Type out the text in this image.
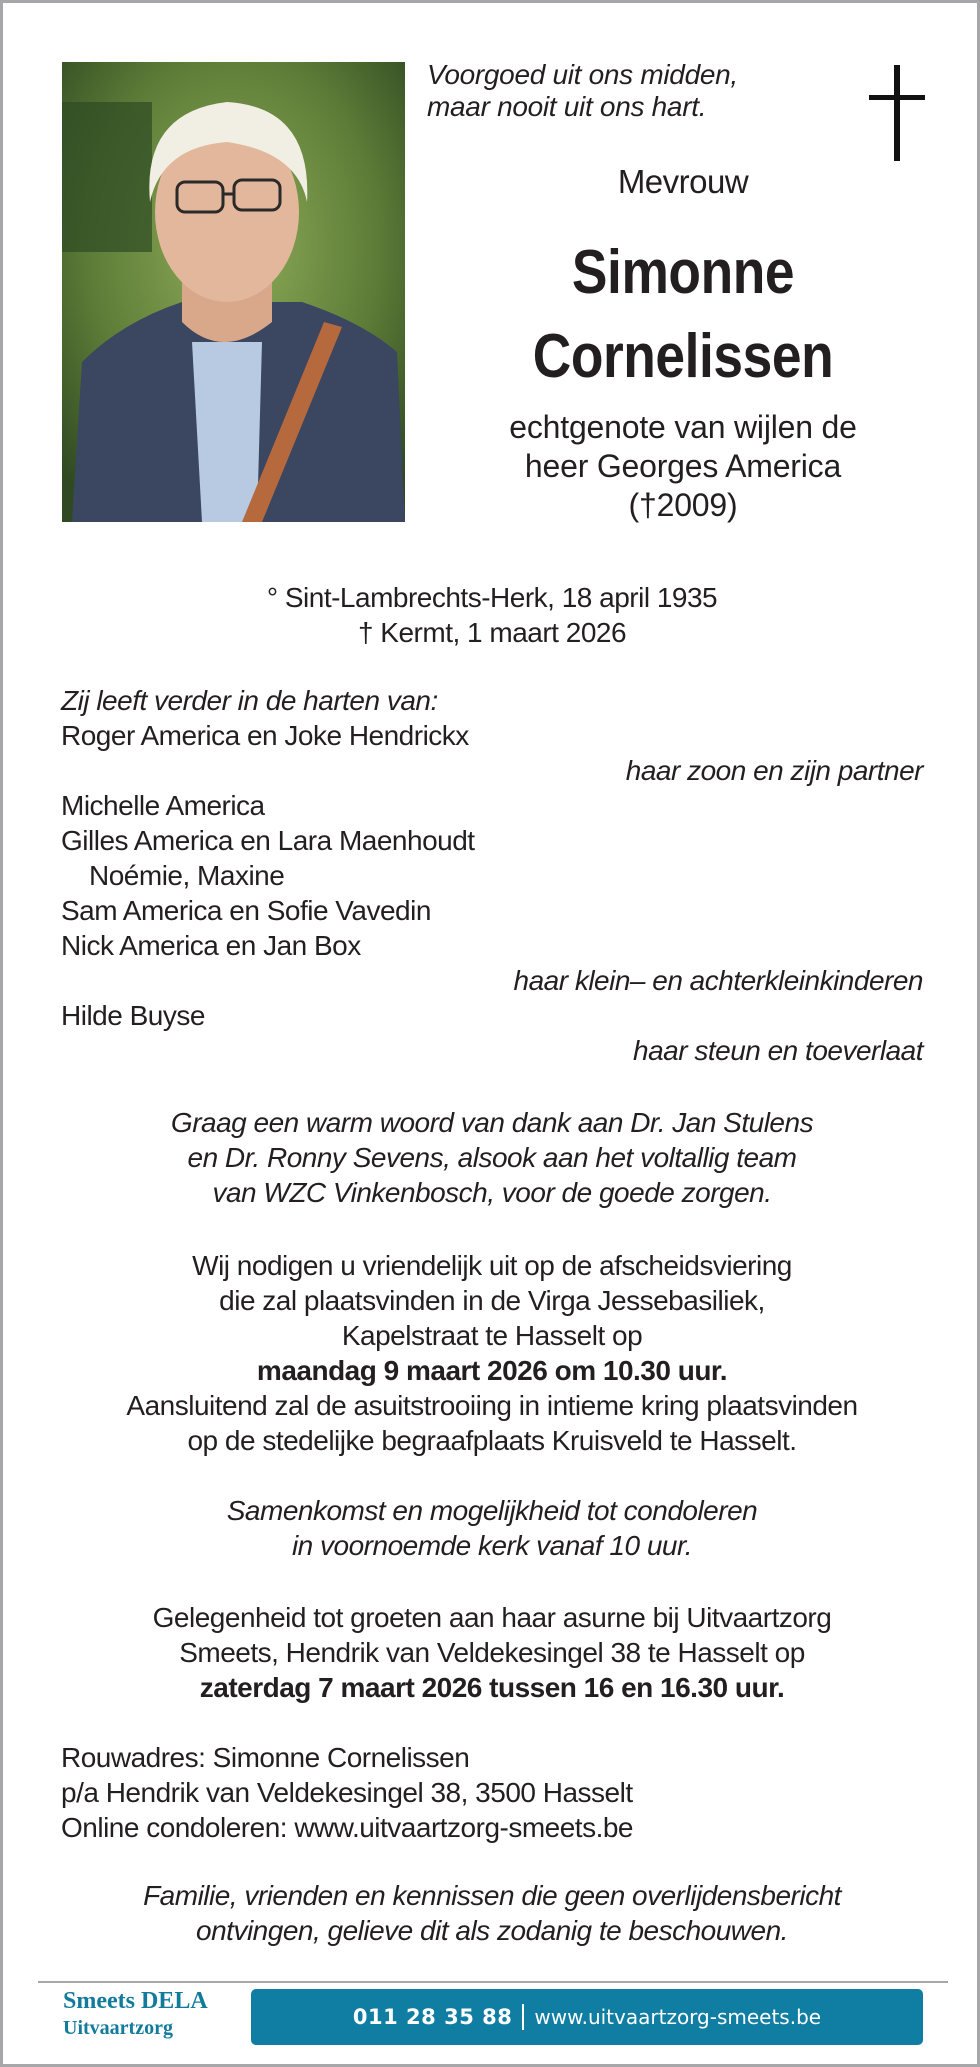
Voorgoed uit ons midden,
maar nooit uit ons hart.
Mevrouw
Simonne
Cornelissen
echtgenote van wijlen de
heer Georges America
(†2009)
° Sint-Lambrechts-Herk, 18 april 1935
† Kermt, 1 maart 2026
Zij leeft verder in de harten van:
Roger America en Joke Hendrickx
haar zoon en zijn partner
Michelle America
Gilles America en Lara Maenhoudt
Noémie, Maxine
Sam America en Sofie Vavedin
Nick America en Jan Box
haar klein– en achterkleinkinderen
Hilde Buyse
haar steun en toeverlaat
Graag een warm woord van dank aan Dr. Jan Stulens
en Dr. Ronny Sevens, alsook aan het voltallig team
van WZC Vinkenbosch, voor de goede zorgen.
Wij nodigen u vriendelijk uit op de afscheidsviering
die zal plaatsvinden in de Virga Jessebasiliek,
Kapelstraat te Hasselt op
maandag 9 maart 2026 om 10.30 uur.
Aansluitend zal de asuitstrooiing in intieme kring plaatsvinden
op de stedelijke begraafplaats Kruisveld te Hasselt.
Samenkomst en mogelijkheid tot condoleren
in voornoemde kerk vanaf 10 uur.
Gelegenheid tot groeten aan haar asurne bij Uitvaartzorg
Smeets, Hendrik van Veldekesingel 38 te Hasselt op
zaterdag 7 maart 2026 tussen 16 en 16.30 uur.
Rouwadres: Simonne Cornelissen
p/a Hendrik van Veldekesingel 38, 3500 Hasselt
Online condoleren: www.uitvaartzorg-smeets.be
Familie, vrienden en kennissen die geen overlijdensbericht
ontvingen, gelieve dit als zodanig te beschouwen.
Smeets DELA
Uitvaartzorg	011 28 35 88 www.uitvaartzorg-smeets.be
